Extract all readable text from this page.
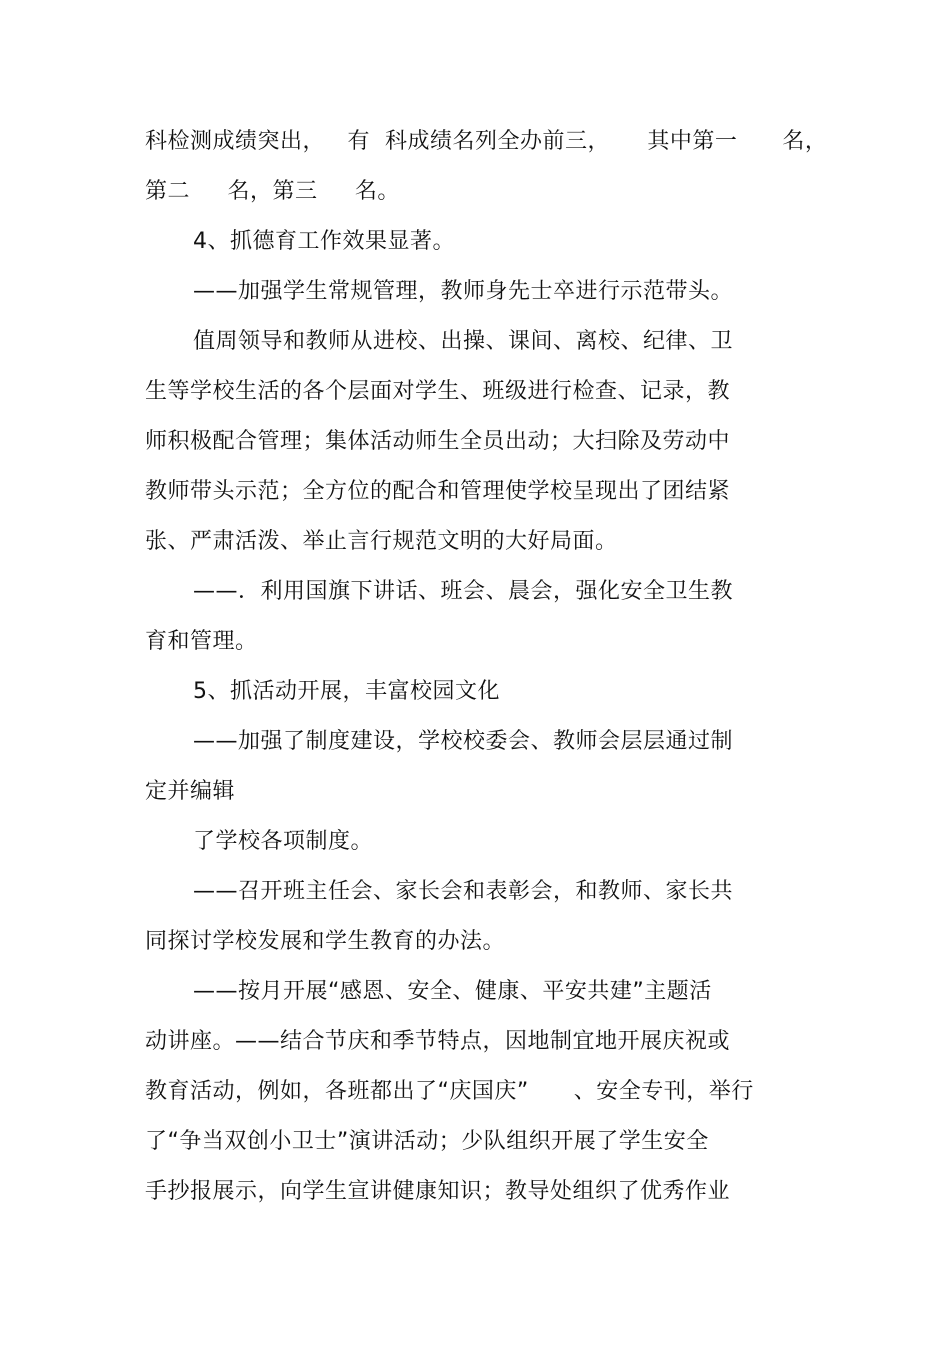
科检测成绩突出，   有  科成绩名列全办前三，     其中第一      名，
第二     名，第三     名。
4、抓德育工作效果显著。
——加强学生常规管理，教师身先士卒进行示范带头。
值周领导和教师从进校、出操、课间、离校、纪律、卫
生等学校生活的各个层面对学生、班级进行检查、记录，教
师积极配合管理；集体活动师生全员出动；大扫除及劳动中
教师带头示范；全方位的配合和管理使学校呈现出了团结紧
张、严肃活泼、举止言行规范文明的大好局面。
——．利用国旗下讲话、班会、晨会，强化安全卫生教
育和管理。
5、抓活动开展，丰富校园文化
——加强了制度建设，学校校委会、教师会层层通过制
定并编辑
了学校各项制度。
——召开班主任会、家长会和表彰会，和教师、家长共
同探讨学校发展和学生教育的办法。
——按月开展“感恩、安全、健康、平安共建”主题活
动讲座。——结合节庆和季节特点，因地制宜地开展庆祝或
教育活动，例如，各班都出了“庆国庆”      、安全专刊，举行
了“争当双创小卫士”演讲活动；少队组织开展了学生安全
手抄报展示，向学生宣讲健康知识；教导处组织了优秀作业
